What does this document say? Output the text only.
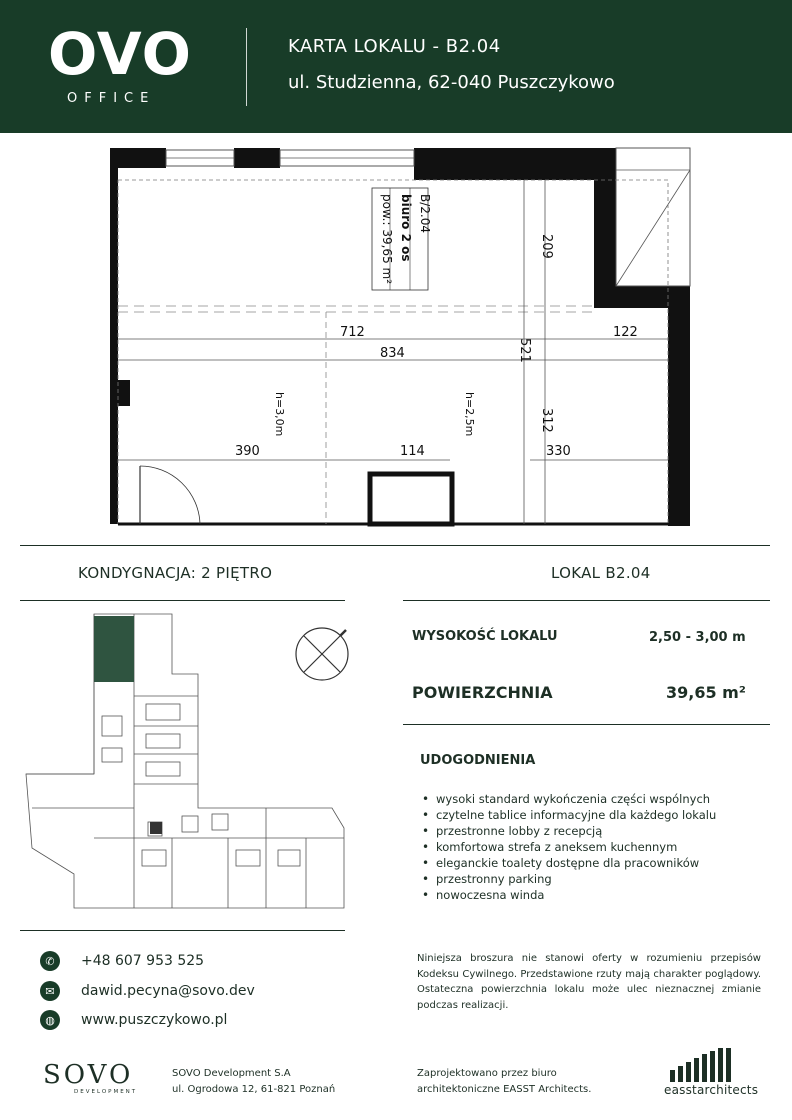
OVO
OFFICE
KARTA LOKALU - B2.04
ul. Studzienna, 62-040 Puszczykowo
B/2.04
biuro 2 os
pow.: 39,65 m²	209
712	122
834	521
312
390	114	330
h=3,0m	h=2,5m
KONDYGNACJA: 2 PIĘTRO	LOKAL B2.04
WYSOKOŚĆ LOKALU	2,50 - 3,00 m
POWIERZCHNIA	39,65 m²
UDOGODNIENIA
• wysoki standard wykończenia części wspólnych
• czytelne tablice informacyjne dla każdego lokalu
• przestronne lobby z recepcją
• komfortowa strefa z aneksem kuchennym
• eleganckie toalety dostępne dla pracowników
• przestronny parking
• nowoczesna winda
✆	+48 607 953 525
✉	dawid.pecyna@sovo.dev
◍	www.puszczykowo.pl
Niniejsza broszura nie stanowi oferty w rozumieniu przepisów Kodeksu Cywilnego. Przedstawione rzuty mają charakter poglądowy. Ostateczna powierzchnia lokalu może ulec nieznacznej zmianie podczas realizacji.
SOVO
DEVELOPMENT
SOVO Development S.A
ul. Ogrodowa 12, 61-821 Poznań
Zaprojektowano przez biuro
architektoniczne EASST Architects.	easstarchitects
